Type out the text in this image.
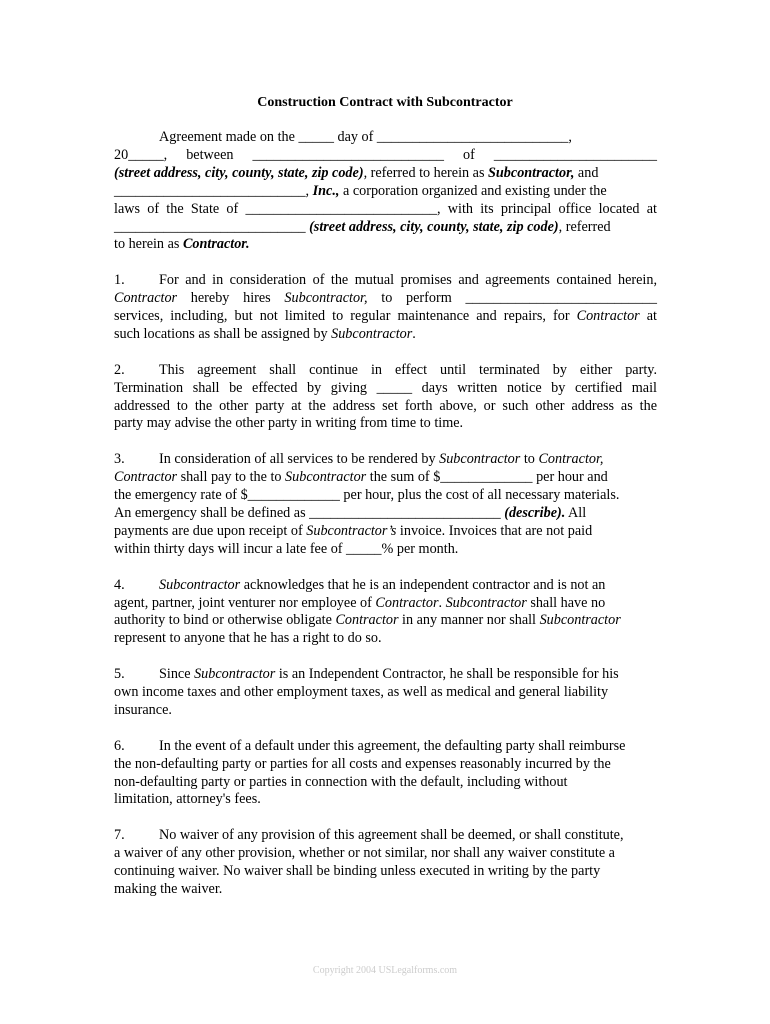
Construction Contract with Subcontractor
Agreement made on the _____ day of ___________________________,
20_____, between ___________________________ of _______________________
(street address, city, county, state, zip code), referred to herein as Subcontractor, and
___________________________, Inc., a corporation organized and existing under the
laws of the State of ___________________________, with its principal office located at
___________________________ (street address, city, county, state, zip code), referred
to herein as Contractor.
1. For and in consideration of the mutual promises and agreements contained herein,
Contractor hereby hires Subcontractor, to perform ___________________________
services, including, but not limited to regular maintenance and repairs, for Contractor at
such locations as shall be assigned by Subcontractor.
2. This agreement shall continue in effect until terminated by either party.
Termination shall be effected by giving _____ days written notice by certified mail
addressed to the other party at the address set forth above, or such other address as the
party may advise the other party in writing from time to time.
3. In consideration of all services to be rendered by Subcontractor to Contractor,
Contractor shall pay to the to Subcontractor the sum of $_____________ per hour and
the emergency rate of $_____________ per hour, plus the cost of all necessary materials.
An emergency shall be defined as ___________________________ (describe). All
payments are due upon receipt of Subcontractor’s invoice. Invoices that are not paid
within thirty days will incur a late fee of _____% per month.
4. Subcontractor acknowledges that he is an independent contractor and is not an
agent, partner, joint venturer nor employee of Contractor. Subcontractor shall have no
authority to bind or otherwise obligate Contractor in any manner nor shall Subcontractor
represent to anyone that he has a right to do so.
5. Since Subcontractor is an Independent Contractor, he shall be responsible for his
own income taxes and other employment taxes, as well as medical and general liability
insurance.
6. In the event of a default under this agreement, the defaulting party shall reimburse
the non-defaulting party or parties for all costs and expenses reasonably incurred by the
non-defaulting party or parties in connection with the default, including without
limitation, attorney's fees.
7. No waiver of any provision of this agreement shall be deemed, or shall constitute,
a waiver of any other provision, whether or not similar, nor shall any waiver constitute a
continuing waiver. No waiver shall be binding unless executed in writing by the party
making the waiver.
Copyright 2004 USLegalforms.com
